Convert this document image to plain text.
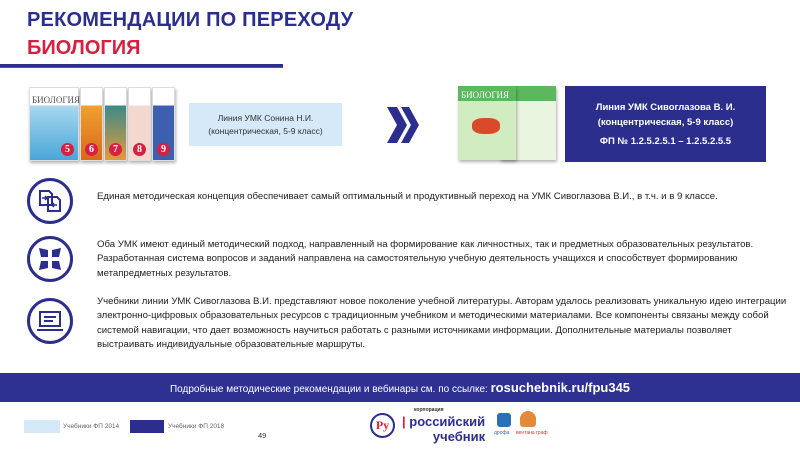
РЕКОМЕНДАЦИИ ПО ПЕРЕХОДУ
БИОЛОГИЯ
БИОЛОГИЯ
5	6	7	8	9
Линия УМК Сонина Н.И.
(концентрическая, 5-9 класс)
БИОЛОГИЯ
Линия УМК Сивоглазова В. И.
(концентрическая, 5-9 класс)
ФП № 1.2.5.2.5.1 – 1.2.5.2.5.5
Единая методическая концепция обеспечивает самый оптимальный и продуктивный переход на УМК Сивоглазова В.И., в т.ч. и в 9 классе.
Оба УМК имеют единый методический подход, направленный на формирование как личностных, так и предметных образовательных результатов. Разработанная система вопросов и заданий направлена на самостоятельную учебную деятельность учащихся и способствует формированию метапредметных результатов.
Учебники линии УМК Сивоглазова В.И. представляют новое поколение учебной литературы. Авторам удалось реализовать уникальную идею интеграции электронно-цифровых образовательных ресурсов с традиционным учебником и методическими материалами. Все компоненты связаны между собой системой навигации, что дает возможность научиться работать с разными источниками информации. Дополнительные материалы позволяет выстраивать индивидуальные образовательные маршруты.
Подробные методические рекомендации и вебинары см. по ссылке: rosuchebnik.ru/fpu345
Учебники ФП 2014	Учебники ФП 2018
49
Ру
корпорация
| российский
учебник дрофа вентана граф
